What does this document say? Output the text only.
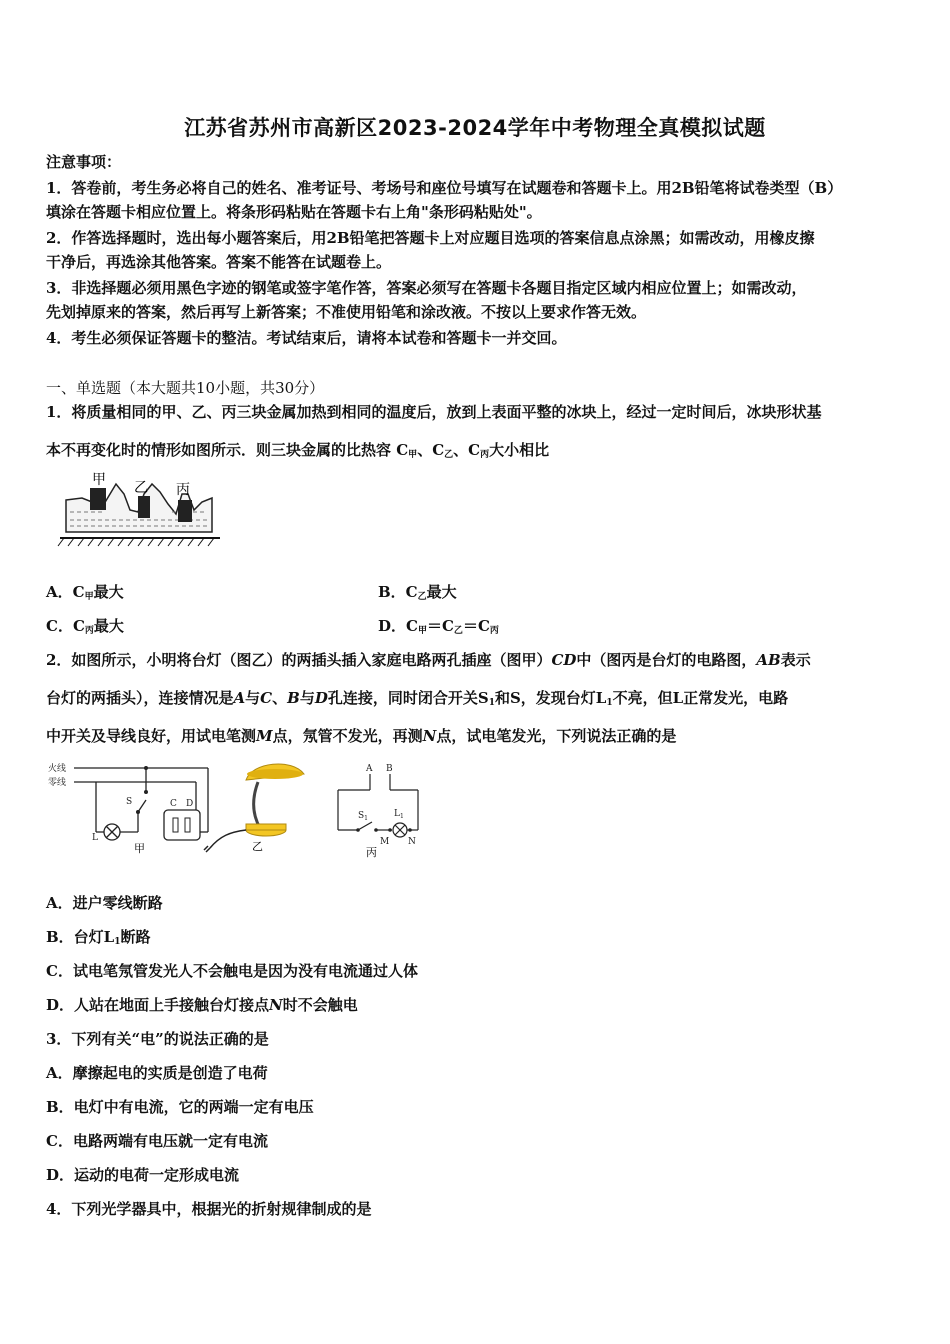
江苏省苏州市高新区2023-2024学年中考物理全真模拟试题
注意事项：
1．答卷前，考生务必将自己的姓名、准考证号、考场号和座位号填写在试题卷和答题卡上。用2B铅笔将试卷类型（B）
填涂在答题卡相应位置上。将条形码粘贴在答题卡右上角"条形码粘贴处"。
2．作答选择题时，选出每小题答案后，用2B铅笔把答题卡上对应题目选项的答案信息点涂黑；如需改动，用橡皮擦
干净后，再选涂其他答案。答案不能答在试题卷上。
3．非选择题必须用黑色字迹的钢笔或签字笔作答，答案必须写在答题卡各题目指定区域内相应位置上；如需改动，
先划掉原来的答案，然后再写上新答案；不准使用铅笔和涂改液。不按以上要求作答无效。
4．考生必须保证答题卡的整洁。考试结束后，请将本试卷和答题卡一并交回。
一、单选题（本大题共10小题，共30分）
1．将质量相同的甲、乙、丙三块金属加热到相同的温度后，放到上表面平整的冰块上，经过一定时间后，冰块形状基
本不再变化时的情形如图所示．则三块金属的比热容 $C_甲$、$C_乙$、$C_丙$大小相比
甲 乙 丙
A．$C_甲$最大	B．$C_乙$最大
C．$C_丙$最大	D．$C_甲=C_乙=C_丙$
2．如图所示，小明将台灯（图乙）的两插头插入家庭电路两孔插座（图甲）CD中（图丙是台灯的电路图，AB表示
台灯的两插头），连接情况是A与C、B与D孔连接，同时闭合开关$S_1$和S，发现台灯$L_1$不亮，但L正常发光，电路
中开关及导线良好，用试电笔测M点，氖管不发光，再测N点，试电笔发光，下列说法正确的是
火线
零线
L
S	C D
甲	乙
A B
$S_1$	$L_1$
M N
丙
A．进户零线断路
B．台灯$L_1$断路
C．试电笔氖管发光人不会触电是因为没有电流通过人体
D．人站在地面上手接触台灯接点N时不会触电
3．下列有关“电”的说法正确的是
A．摩擦起电的实质是创造了电荷
B．电灯中有电流，它的两端一定有电压
C．电路两端有电压就一定有电流
D．运动的电荷一定形成电流
4．下列光学器具中，根据光的折射规律制成的是
